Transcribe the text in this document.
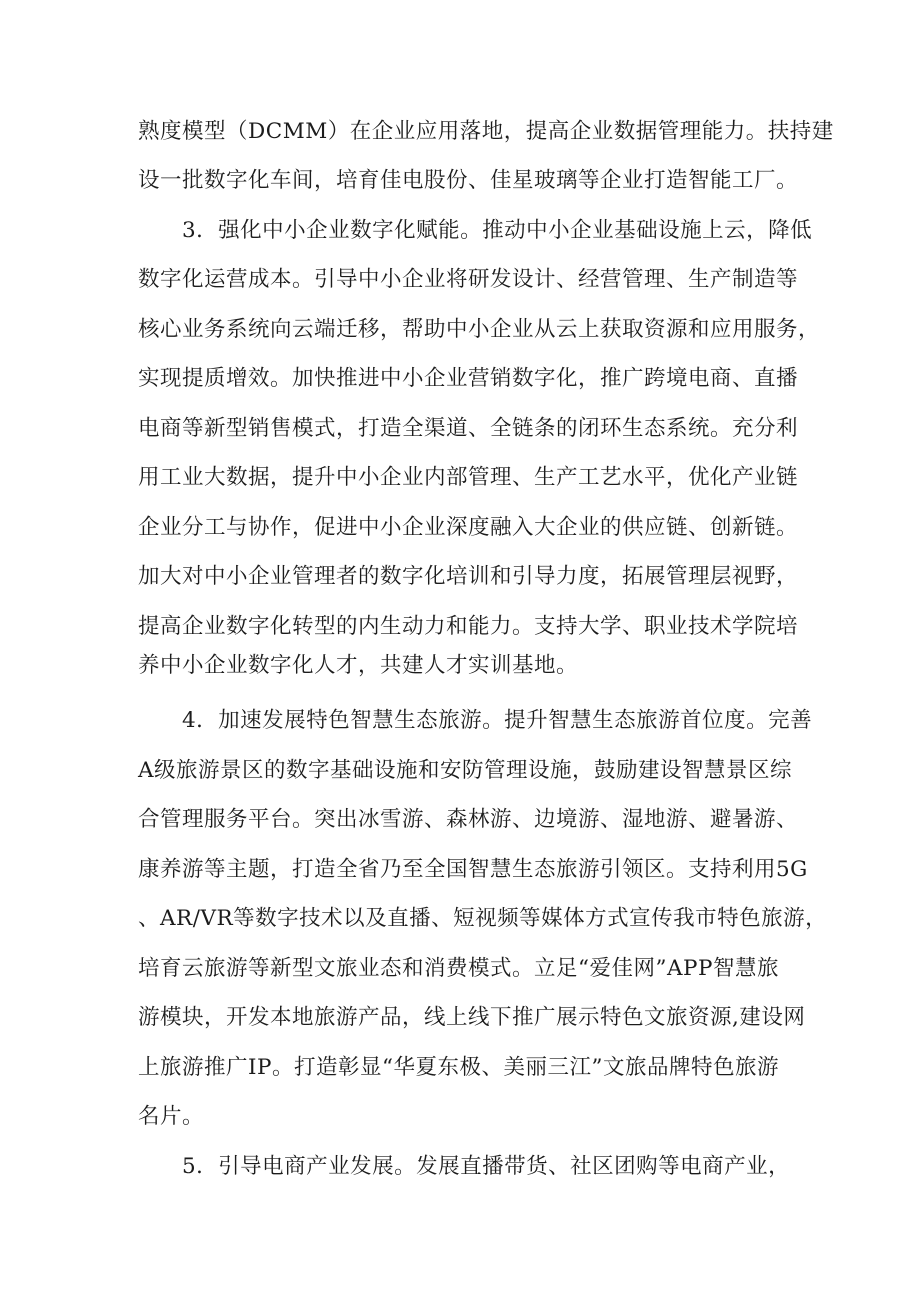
熟度模型（DCMM）在企业应用落地，提高企业数据管理能力。扶持建
设一批数字化车间，培育佳电股份、佳星玻璃等企业打造智能工厂。
3．强化中小企业数字化赋能。推动中小企业基础设施上云，降低
数字化运营成本。引导中小企业将研发设计、经营管理、生产制造等
核心业务系统向云端迁移，帮助中小企业从云上获取资源和应用服务，
实现提质增效。加快推进中小企业营销数字化，推广跨境电商、直播
电商等新型销售模式，打造全渠道、全链条的闭环生态系统。充分利
用工业大数据，提升中小企业内部管理、生产工艺水平，优化产业链
企业分工与协作，促进中小企业深度融入大企业的供应链、创新链。
加大对中小企业管理者的数字化培训和引导力度，拓展管理层视野，
提高企业数字化转型的内生动力和能力。支持大学、职业技术学院培
养中小企业数字化人才，共建人才实训基地。
4．加速发展特色智慧生态旅游。提升智慧生态旅游首位度。完善
A级旅游景区的数字基础设施和安防管理设施，鼓励建设智慧景区综
合管理服务平台。突出冰雪游、森林游、边境游、湿地游、避暑游、
康养游等主题，打造全省乃至全国智慧生态旅游引领区。支持利用5G
、AR/VR等数字技术以及直播、短视频等媒体方式宣传我市特色旅游，
培育云旅游等新型文旅业态和消费模式。立足“爱佳网”APP智慧旅
游模块，开发本地旅游产品，线上线下推广展示特色文旅资源,建设网
上旅游推广IP。打造彰显“华夏东极、美丽三江”文旅品牌特色旅游
名片。
5．引导电商产业发展。发展直播带货、社区团购等电商产业，
